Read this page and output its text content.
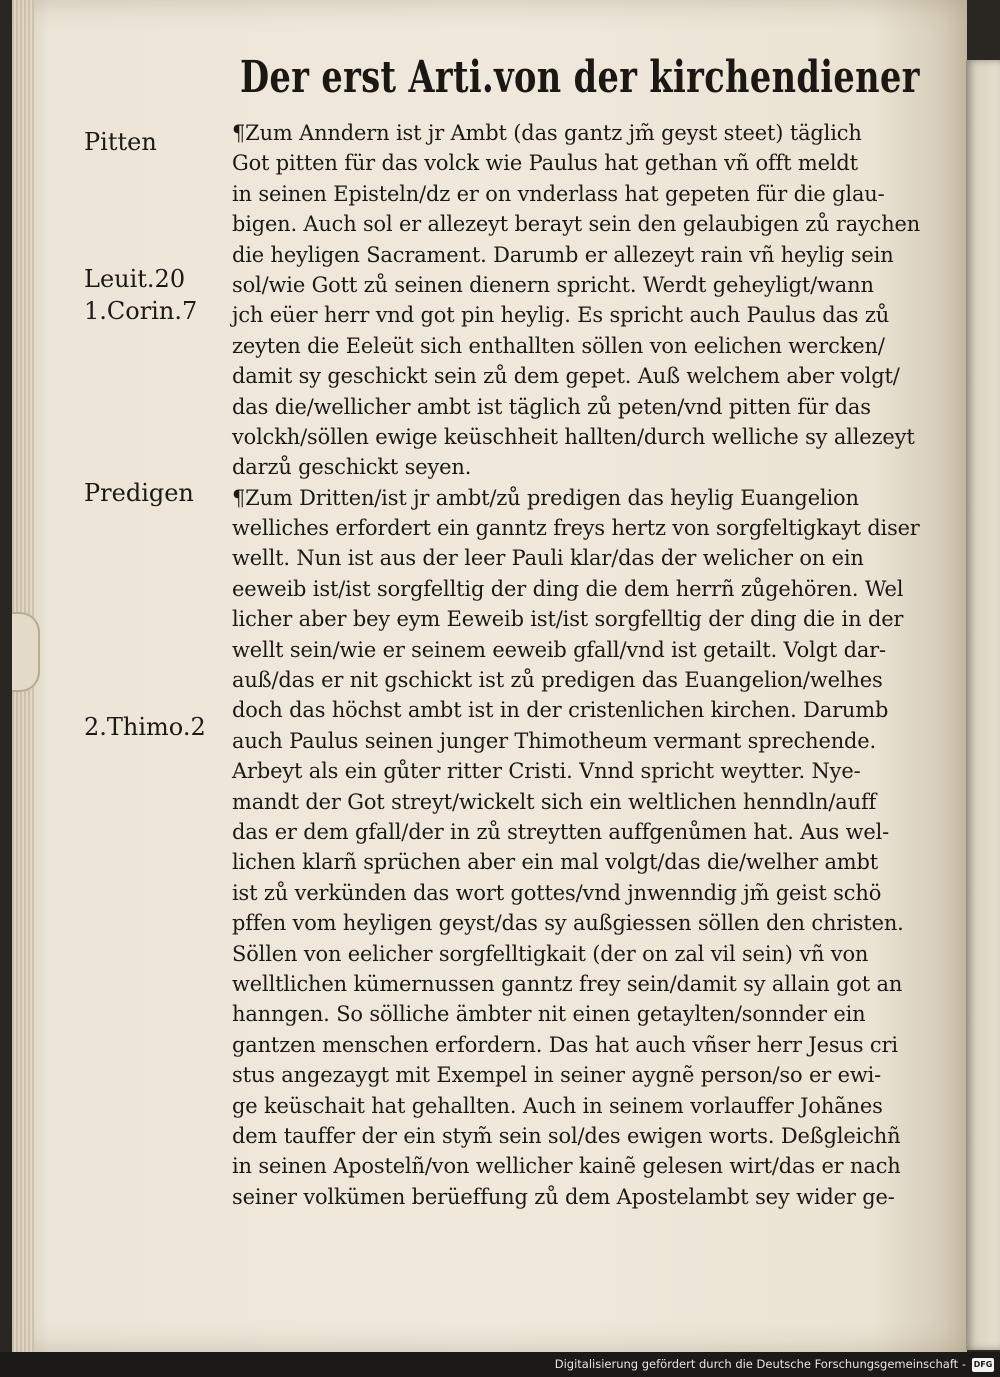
Der erst Arti.von der kirchendiener
Pitten
Leuit.20
1.Corin.7
Predigen
2.Thimo.2
¶Zum Anndern ist jr Ambt (das gantz jm̃ geyst steet) täglich
Got pitten für das volck wie Paulus hat gethan vñ offt meldt
in seinen Episteln/dz er on vnderlass hat gepeten für die glau-
bigen. Auch sol er allezeyt berayt sein den gelaubigen zů raychen
die heyligen Sacrament. Darumb er allezeyt rain vñ heylig sein
sol/wie Gott zů seinen dienern spricht. Werdt geheyligt/wann
jch eüer herr vnd got pin heylig. Es spricht auch Paulus das zů
zeyten die Eeleüt sich enthallten söllen von eelichen wercken/
damit sy geschickt sein zů dem gepet. Auß welchem aber volgt/
das die/wellicher ambt ist täglich zů peten/vnd pitten für das
volckh/söllen ewige keüschheit hallten/durch welliche sy allezeyt
darzů geschickt seyen.
¶Zum Dritten/ist jr ambt/zů predigen das heylig Euangelion
welliches erfordert ein ganntz freys hertz von sorgfeltigkayt diser
wellt. Nun ist aus der leer Pauli klar/das der welicher on ein
eeweib ist/ist sorgfelltig der ding die dem herrñ zůgehören. Wel
licher aber bey eym Eeweib ist/ist sorgfelltig der ding die in der
wellt sein/wie er seinem eeweib gfall/vnd ist getailt. Volgt dar-
auß/das er nit gschickt ist zů predigen das Euangelion/welhes
doch das höchst ambt ist in der cristenlichen kirchen. Darumb
auch Paulus seinen junger Thimotheum vermant sprechende.
Arbeyt als ein gůter ritter Cristi. Vnnd spricht weytter. Nye-
mandt der Got streyt/wickelt sich ein weltlichen henndln/auff
das er dem gfall/der in zů streytten auffgenůmen hat. Aus wel-
lichen klarñ sprüchen aber ein mal volgt/das die/welher ambt
ist zů verkünden das wort gottes/vnd jnwenndig jm̃ geist schö
pffen vom heyligen geyst/das sy außgiessen söllen den christen.
Söllen von eelicher sorgfelltigkait (der on zal vil sein) vñ von
welltlichen kümernussen ganntz frey sein/damit sy allain got an
hanngen. So sölliche ämbter nit einen getaylten/sonnder ein
gantzen menschen erfordern. Das hat auch vñser herr Jesus cri
stus angezaygt mit Exempel in seiner aygnẽ person/so er ewi-
ge keüschait hat gehallten. Auch in seinem vorlauffer Johãnes
dem tauffer der ein stym̃ sein sol/des ewigen worts. Deßgleichñ
in seinen Apostelñ/von wellicher kainẽ gelesen wirt/das er nach
seiner volkümen berüeffung zů dem Apostelambt sey wider ge-
Digitalisierung gefördert durch die Deutsche Forschungsgemeinschaft - DFG
